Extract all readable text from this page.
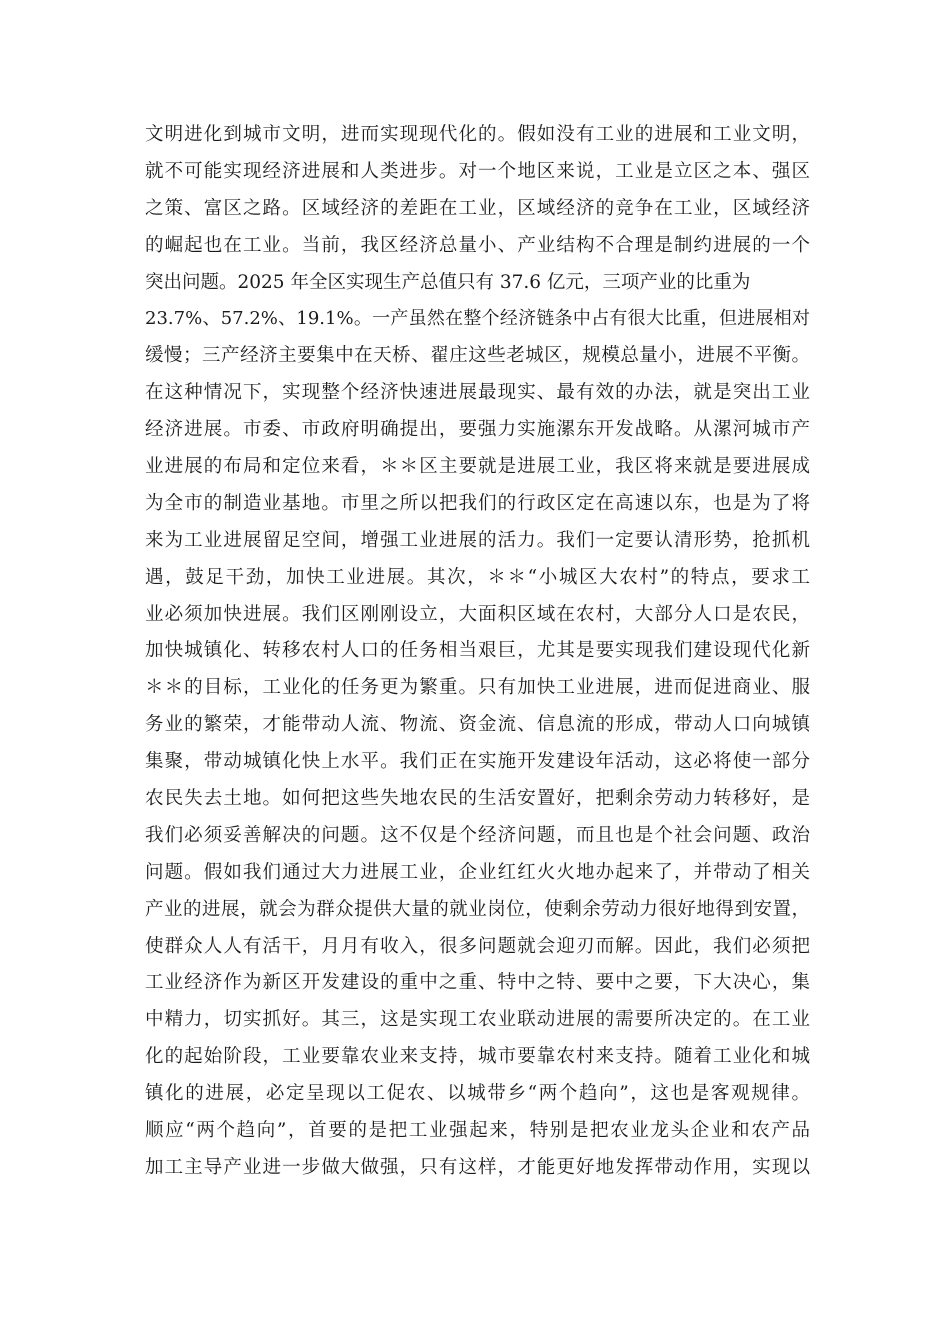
文明进化到城市文明，进而实现现代化的。假如没有工业的进展和工业文明，
就不可能实现经济进展和人类进步。对一个地区来说，工业是立区之本、强区
之策、富区之路。区域经济的差距在工业，区域经济的竞争在工业，区域经济
的崛起也在工业。当前，我区经济总量小、产业结构不合理是制约进展的一个
突出问题。2025 年全区实现生产总值只有 37.6 亿元，三项产业的比重为
23.7%、57.2%、19.1%。一产虽然在整个经济链条中占有很大比重，但进展相对
缓慢；三产经济主要集中在天桥、翟庄这些老城区，规模总量小，进展不平衡。
在这种情况下，实现整个经济快速进展最现实、最有效的办法，就是突出工业
经济进展。市委、市政府明确提出，要强力实施漯东开发战略。从漯河城市产
业进展的布局和定位来看，＊＊区主要就是进展工业，我区将来就是要进展成
为全市的制造业基地。市里之所以把我们的行政区定在高速以东，也是为了将
来为工业进展留足空间，增强工业进展的活力。我们一定要认清形势，抢抓机
遇，鼓足干劲，加快工业进展。其次，＊＊“小城区大农村”的特点，要求工
业必须加快进展。我们区刚刚设立，大面积区域在农村，大部分人口是农民，
加快城镇化、转移农村人口的任务相当艰巨，尤其是要实现我们建设现代化新
＊＊的目标，工业化的任务更为繁重。只有加快工业进展，进而促进商业、服
务业的繁荣，才能带动人流、物流、资金流、信息流的形成，带动人口向城镇
集聚，带动城镇化快上水平。我们正在实施开发建设年活动，这必将使一部分
农民失去土地。如何把这些失地农民的生活安置好，把剩余劳动力转移好，是
我们必须妥善解决的问题。这不仅是个经济问题，而且也是个社会问题、政治
问题。假如我们通过大力进展工业，企业红红火火地办起来了，并带动了相关
产业的进展，就会为群众提供大量的就业岗位，使剩余劳动力很好地得到安置，
使群众人人有活干，月月有收入，很多问题就会迎刃而解。因此，我们必须把
工业经济作为新区开发建设的重中之重、特中之特、要中之要，下大决心，集
中精力，切实抓好。其三，这是实现工农业联动进展的需要所决定的。在工业
化的起始阶段，工业要靠农业来支持，城市要靠农村来支持。随着工业化和城
镇化的进展，必定呈现以工促农、以城带乡“两个趋向”，这也是客观规律。
顺应“两个趋向”，首要的是把工业强起来，特别是把农业龙头企业和农产品
加工主导产业进一步做大做强，只有这样，才能更好地发挥带动作用，实现以
